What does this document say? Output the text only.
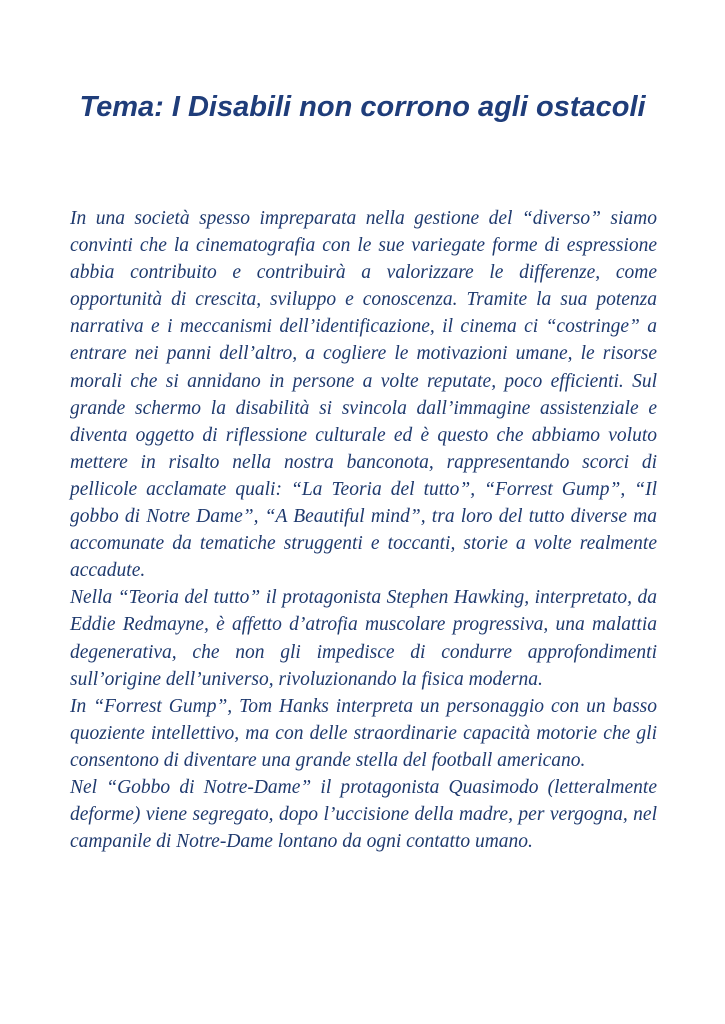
Tema: I Disabili non corrono agli ostacoli

In una società spesso impreparata nella gestione del “diverso” siamo convinti che la cinematografia con le sue variegate forme di espressione abbia contribuito e contribuirà a valorizzare le differenze, come opportunità di crescita, sviluppo e conoscenza. Tramite la sua potenza narrativa e i meccanismi dell’identificazione, il cinema ci “costringe” a entrare nei panni dell’altro, a cogliere le motivazioni umane, le risorse morali che si annidano in persone a volte reputate, poco efficienti. Sul grande schermo la disabilità si svincola dall’immagine assistenziale e diventa oggetto di riflessione culturale ed è questo che abbiamo voluto mettere in risalto nella nostra banconota, rappresentando scorci di pellicole acclamate quali: “La Teoria del tutto”, “Forrest Gump”, “Il gobbo di Notre Dame”, “A Beautiful mind”, tra loro del tutto diverse ma accomunate da tematiche struggenti e toccanti, storie a volte realmente accadute.

Nella “Teoria del tutto” il protagonista Stephen Hawking, interpretato, da Eddie Redmayne, è affetto d’atrofia muscolare progressiva, una malattia degenerativa, che non gli impedisce di condurre approfondimenti sull’origine dell’universo, rivoluzionando la fisica moderna.

In “Forrest Gump”, Tom Hanks interpreta un personaggio con un basso quoziente intellettivo, ma con delle straordinarie capacità motorie che gli consentono di diventare una grande stella del football americano.

Nel “Gobbo di Notre-Dame” il protagonista Quasimodo (letteralmente deforme) viene segregato, dopo l’uccisione della madre, per vergogna, nel campanile di Notre-Dame lontano da ogni contatto umano.
